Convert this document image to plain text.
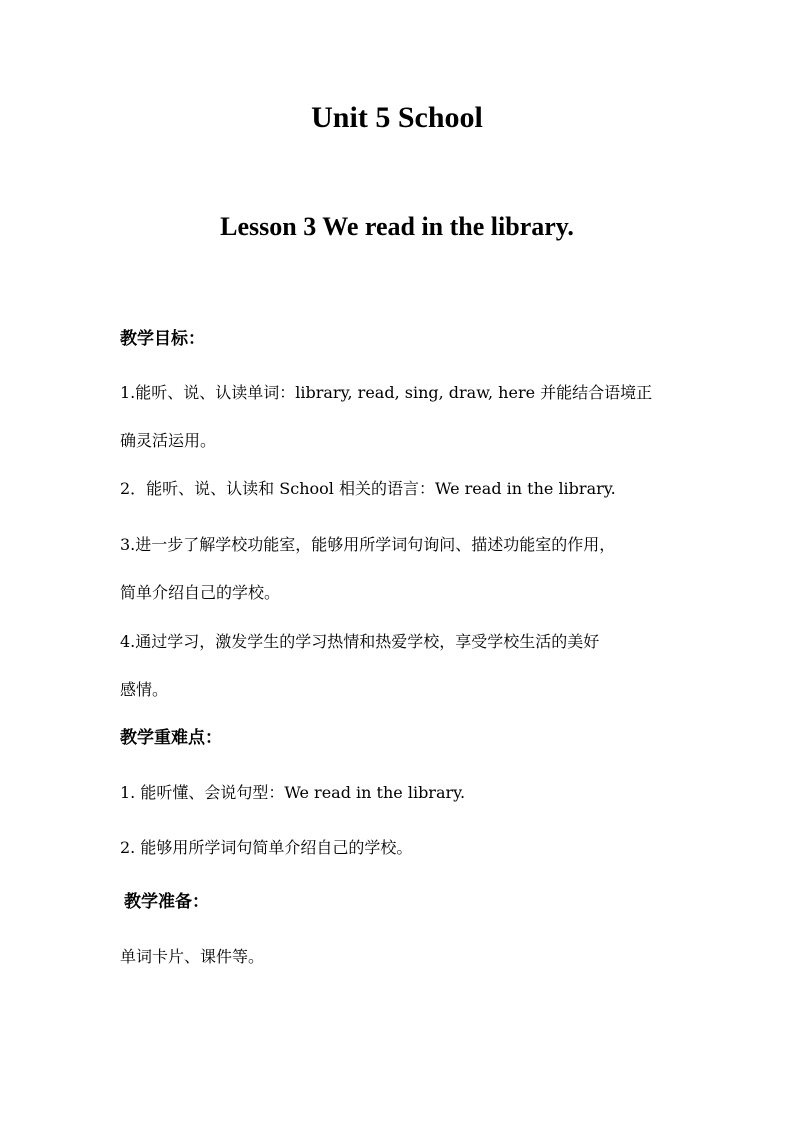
Unit 5 School
Lesson 3 We read in the library.
教学目标：
1.能听、说、认读单词：library, read, sing, draw, here 并能结合语境正
确灵活运用。
2．能听、说、认读和 School 相关的语言：We read in the library.
3.进一步了解学校功能室，能够用所学词句询问、描述功能室的作用，
简单介绍自己的学校。
4.通过学习，激发学生的学习热情和热爱学校，享受学校生活的美好
感情。
教学重难点：
1. 能听懂、会说句型：We read in the library.
2. 能够用所学词句简单介绍自己的学校。
教学准备：
单词卡片、课件等。
